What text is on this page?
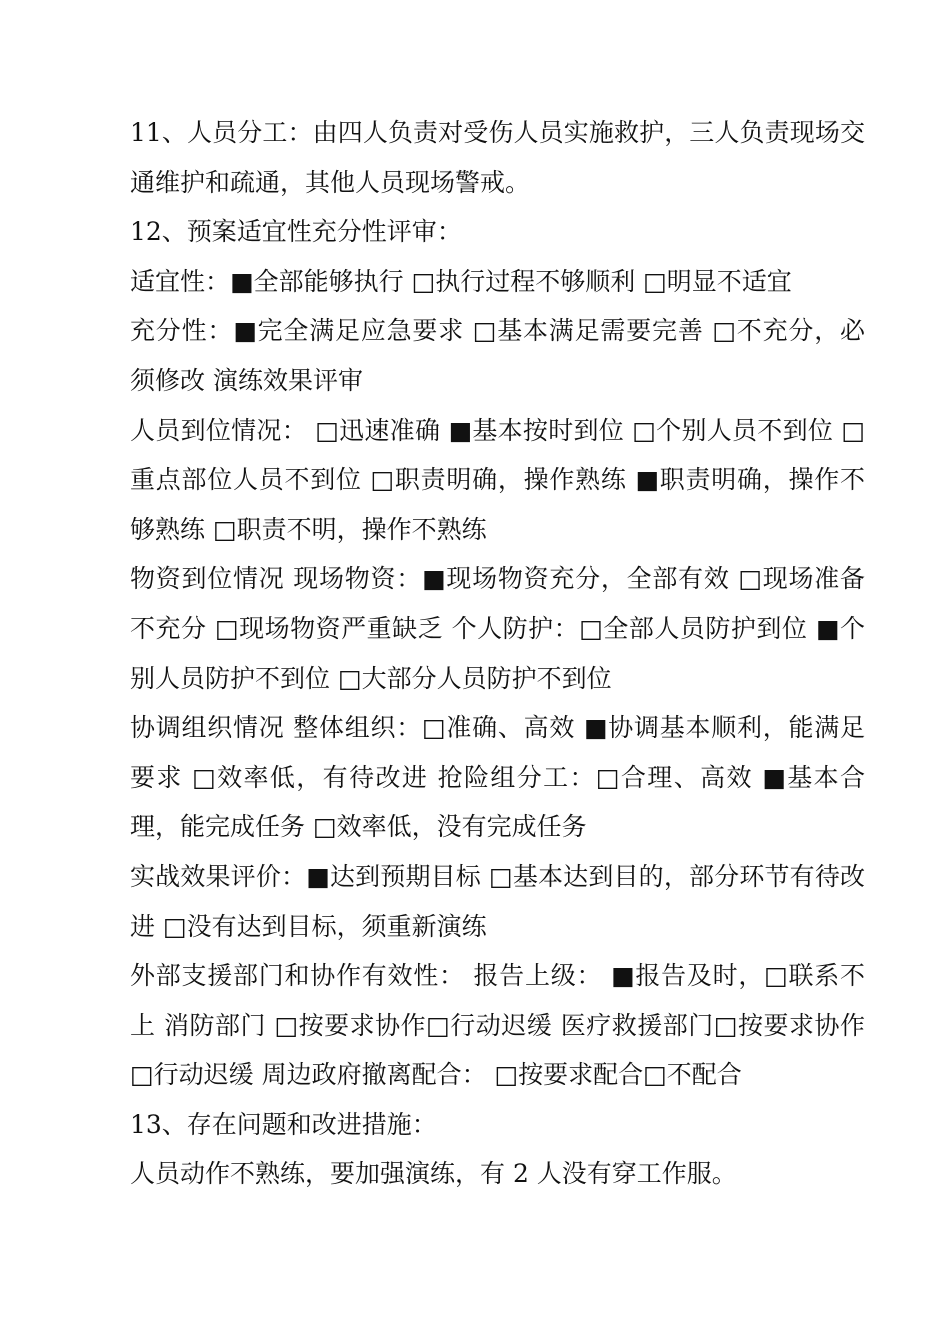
11、人员分工：由四人负责对受伤人员实施救护，三人负责现场交通维护和疏通，其他人员现场警戒。

12、预案适宜性充分性评审：

适宜性：■全部能够执行 □执行过程不够顺利 □明显不适宜

充分性：■完全满足应急要求 □基本满足需要完善 □不充分，必须修改 演练效果评审

人员到位情况： □迅速准确 ■基本按时到位 □个别人员不到位 □重点部位人员不到位 □职责明确，操作熟练 ■职责明确，操作不够熟练 □职责不明，操作不熟练

物资到位情况 现场物资：■现场物资充分，全部有效 □现场准备不充分 □现场物资严重缺乏 个人防护：□全部人员防护到位 ■个别人员防护不到位 □大部分人员防护不到位

协调组织情况 整体组织：□准确、高效 ■协调基本顺利，能满足要求 □效率低，有待改进 抢险组分工：□合理、高效 ■基本合理，能完成任务 □效率低，没有完成任务

实战效果评价：■达到预期目标 □基本达到目的，部分环节有待改进 □没有达到目标，须重新演练

外部支援部门和协作有效性： 报告上级： ■报告及时，□联系不上 消防部门 □按要求协作□行动迟缓 医疗救援部门□按要求协作□行动迟缓 周边政府撤离配合： □按要求配合□不配合

13、存在问题和改进措施：

人员动作不熟练，要加强演练，有 2 人没有穿工作服。
